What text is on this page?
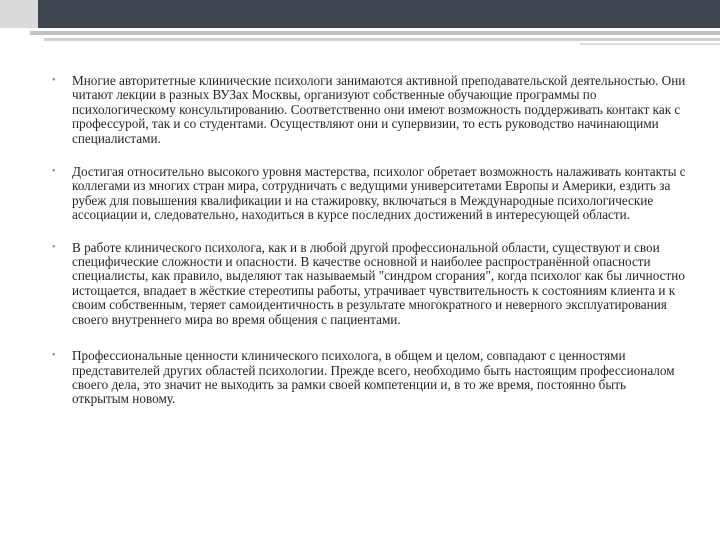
• Многие авторитетные клинические психологи занимаются активной преподавательской деятельностью. Они читают лекции в разных ВУЗах Москвы, организуют собственные обучающие программы по психологическому консультированию. Соответственно они имеют возможность поддерживать контакт как с профессурой, так и со студентами. Осуществляют они и супервизии, то есть руководство начинающими специалистами.
• Достигая относительно высокого уровня мастерства, психолог обретает возможность налаживать контакты с коллегами из многих стран мира, сотрудничать с ведущими университетами Европы и Америки, ездить за рубеж для повышения квалификации и на стажировку, включаться в Международные психологические ассоциации и, следовательно, находиться в курсе последних достижений в интересующей области.
• В работе клинического психолога, как и в любой другой профессиональной области, существуют и свои специфические сложности и опасности. В качестве основной и наиболее распространённой опасности специалисты, как правило, выделяют так называемый "синдром сгорания", когда психолог как бы личностно истощается, впадает в жёсткие стереотипы работы, утрачивает чувствительность к состояниям клиента и к своим собственным, теряет самоидентичность в результате многократного и неверного эксплуатирования своего внутреннего мира во время общения с пациентами.
• Профессиональные ценности клинического психолога, в общем и целом, совпадают с ценностями представителей других областей психологии. Прежде всего, необходимо быть настоящим профессионалом своего дела, это значит не выходить за рамки своей компетенции и, в то же время, постоянно быть открытым новому.
